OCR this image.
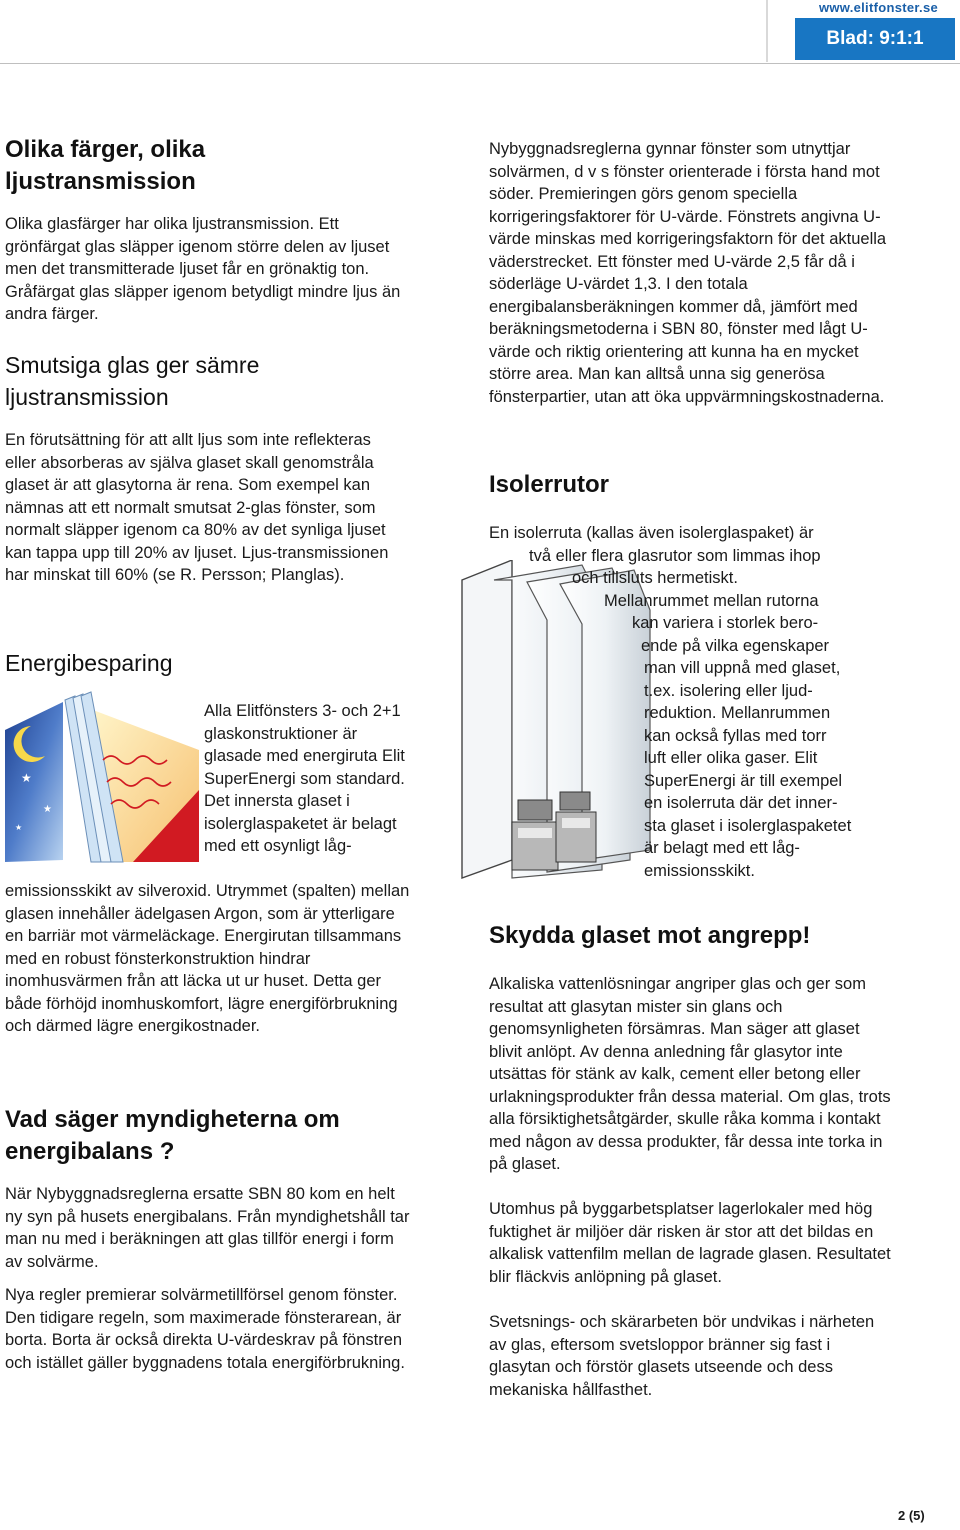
www.elitfonster.se
Blad: 9:1:1
Olika färger, olika ljustransmission

Olika glasfärger har olika ljustransmission. Ett grönfärgat glas släpper igenom större delen av ljuset men det transmitterade ljuset får en grönaktig ton. Gråfärgat glas släpper igenom betydligt mindre ljus än andra färger.

Smutsiga glas ger sämre ljustransmission

En förutsättning för att allt ljus som inte reflekteras eller absorberas av själva glaset skall genomstråla glaset är att glasytorna är rena. Som exempel kan nämnas att ett normalt smutsat 2-glas fönster, som normalt släpper igenom ca 80% av det synliga ljuset kan tappa upp till 20% av ljuset. Ljus-transmissionen har minskat till 60% (se R. Persson; Planglas).

Energibesparing
★
★
★

Alla Elitfönsters 3- och 2+1 glaskonstruktioner är glasade med energiruta Elit SuperEnergi som standard. Det innersta glaset i isolerglaspaketet är belagt med ett osynligt låg-

emissionsskikt av silveroxid. Utrymmet (spalten) mellan glasen innehåller ädelgasen Argon, som är ytterligare en barriär mot värmeläckage. Energirutan tillsammans med en robust fönsterkonstruktion hindrar inomhusvärmen från att läcka ut ur huset. Detta ger både förhöjd inomhuskomfort, lägre energiförbrukning och därmed lägre energikostnader.

Vad säger myndigheterna om energibalans ?

När Nybyggnadsreglerna ersatte SBN 80 kom en helt ny syn på husets energibalans. Från myndighetshåll tar man nu med i beräkningen att glas tillför energi i form av solvärme.

Nya regler premierar solvärmetillförsel genom fönster. Den tidigare regeln, som maximerade fönsterarean, är borta. Borta är också direkta U-värdeskrav på fönstren och istället gäller byggnadens totala energiförbrukning.

Nybyggnadsreglerna gynnar fönster som utnyttjar solvärmen, d v s fönster orienterade i första hand mot söder. Premieringen görs genom speciella korrigeringsfaktorer för U-värde. Fönstrets angivna U-värde minskas med korrigeringsfaktorn för det aktuella väderstrecket. Ett fönster med U-värde 2,5 får då i söderläge U-värdet 1,3. I den totala energibalansberäkningen kommer då, jämfört med beräkningsmetoderna i SBN 80, fönster med lågt U-värde och riktig orientering att kunna ha en mycket större area. Man kan alltså unna sig generösa fönsterpartier, utan att öka uppvärmningskostnaderna.

Isolerrutor
En isolerruta (kallas även isolerglaspaket) är
två eller flera glasrutor som limmas ihop
och tillsluts hermetiskt.
Mellanrummet mellan rutorna
kan variera i storlek bero-
ende på vilka egenskaper
man vill uppnå med glaset,
t.ex. isolering eller ljud-
reduktion. Mellanrummen
kan också fyllas med torr
luft eller olika gaser. Elit
SuperEnergi är till exempel
en isolerruta där det inner-
sta glaset i isolerglaspaketet
är belagt med ett låg-
emissionsskikt.
Skydda glaset mot angrepp!

Alkaliska vattenlösningar angriper glas och ger som resultat att glasytan mister sin glans och genomsynligheten försämras. Man säger att glaset blivit anlöpt. Av denna anledning får glasytor inte utsättas för stänk av kalk, cement eller betong eller urlakningsprodukter från dessa material. Om glas, trots alla försiktighetsåtgärder, skulle råka komma i kontakt med någon av dessa produkter, får dessa inte torka in på glaset.

Utomhus på byggarbetsplatser lagerlokaler med hög fuktighet är miljöer där risken är stor att det bildas en alkalisk vattenfilm mellan de lagrade glasen. Resultatet blir fläckvis anlöpning på glaset.

Svetsnings- och skärarbeten bör undvikas i närheten av glas, eftersom svetsloppor bränner sig fast i glasytan och förstör glasets utseende och dess mekaniska hållfasthet.

2 (5)
